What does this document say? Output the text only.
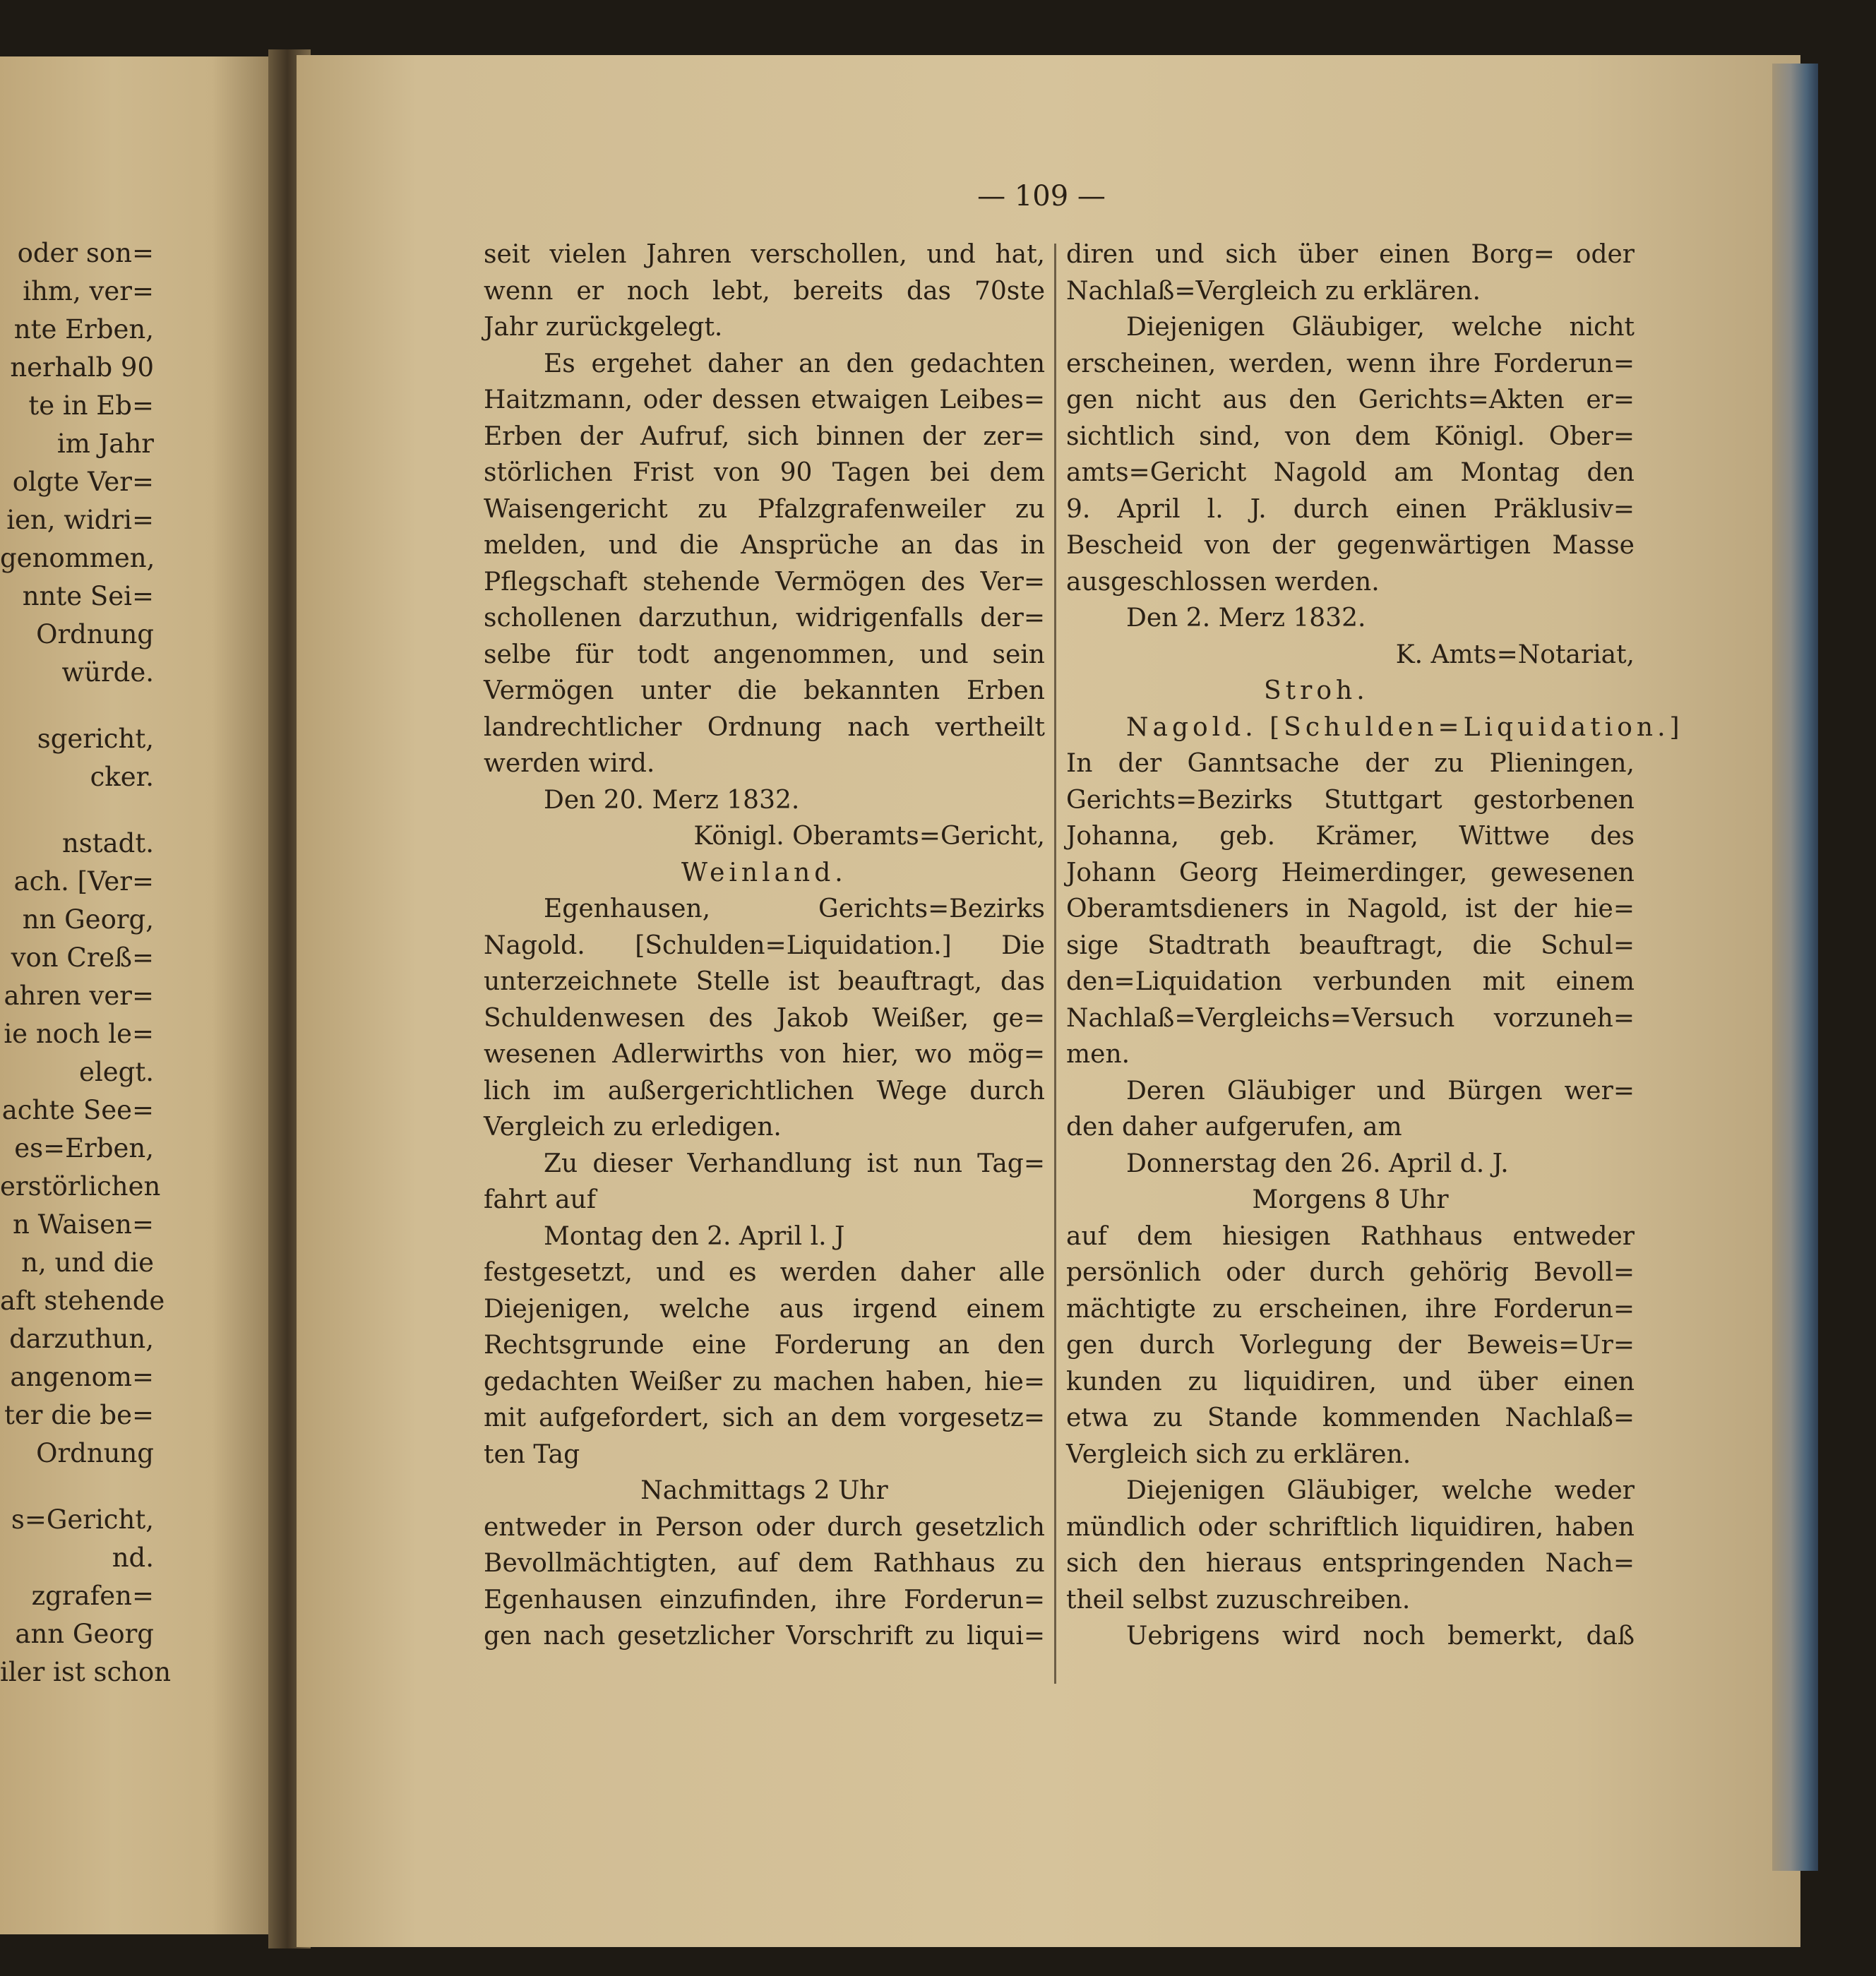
oder son=
ihm, ver=
nte Erben,
nerhalb 90
te in Eb=
im Jahr
olgte Ver=
ien, widri=
genommen,
nnte Sei=
Ordnung
würde.
sgericht,
cker.
nstadt.
ach. [Ver=
nn Georg,
von Creß=
ahren ver=
ie noch le=
elegt.
achte See=
es=Erben,
erstörlichen
n Waisen=
n, und die
aft stehende
darzuthun,
angenom=
ter die be=
Ordnung
s=Gericht,
nd.
zgrafen=
ann Georg
iler ist schon
— 109 —
seit vielen Jahren verschollen, und hat,
wenn er noch lebt, bereits das 70ste
Jahr zurückgelegt.
Es ergehet daher an den gedachten
Haitzmann, oder dessen etwaigen Leibes=
Erben der Aufruf, sich binnen der zer=
störlichen Frist von 90 Tagen bei dem
Waisengericht zu Pfalzgrafenweiler zu
melden, und die Ansprüche an das in
Pflegschaft stehende Vermögen des Ver=
schollenen darzuthun, widrigenfalls der=
selbe für todt angenommen, und sein
Vermögen unter die bekannten Erben
landrechtlicher Ordnung nach vertheilt
werden wird.
Den 20. Merz 1832.
Königl. Oberamts=Gericht,
Weinland.
Egenhausen, Gerichts=Bezirks
Nagold. [Schulden=Liquidation.] Die
unterzeichnete Stelle ist beauftragt, das
Schuldenwesen des Jakob Weißer, ge=
wesenen Adlerwirths von hier, wo mög=
lich im außergerichtlichen Wege durch
Vergleich zu erledigen.
Zu dieser Verhandlung ist nun Tag=
fahrt auf
Montag den 2. April l. J
festgesetzt, und es werden daher alle
Diejenigen, welche aus irgend einem
Rechtsgrunde eine Forderung an den
gedachten Weißer zu machen haben, hie=
mit aufgefordert, sich an dem vorgesetz=
ten Tag
Nachmittags 2 Uhr
entweder in Person oder durch gesetzlich
Bevollmächtigten, auf dem Rathhaus zu
Egenhausen einzufinden, ihre Forderun=
gen nach gesetzlicher Vorschrift zu liqui=
diren und sich über einen Borg= oder
Nachlaß=Vergleich zu erklären.
Diejenigen Gläubiger, welche nicht
erscheinen, werden, wenn ihre Forderun=
gen nicht aus den Gerichts=Akten er=
sichtlich sind, von dem Königl. Ober=
amts=Gericht Nagold am Montag den
9. April l. J. durch einen Präklusiv=
Bescheid von der gegenwärtigen Masse
ausgeschlossen werden.
Den 2. Merz 1832.
K. Amts=Notariat,
Stroh.
Nagold. [Schulden=Liquidation.]
In der Ganntsache der zu Plieningen,
Gerichts=Bezirks Stuttgart gestorbenen
Johanna, geb. Krämer, Wittwe des
Johann Georg Heimerdinger, gewesenen
Oberamtsdieners in Nagold, ist der hie=
sige Stadtrath beauftragt, die Schul=
den=Liquidation verbunden mit einem
Nachlaß=Vergleichs=Versuch vorzuneh=
men.
Deren Gläubiger und Bürgen wer=
den daher aufgerufen, am
Donnerstag den 26. April d. J.
Morgens 8 Uhr
auf dem hiesigen Rathhaus entweder
persönlich oder durch gehörig Bevoll=
mächtigte zu erscheinen, ihre Forderun=
gen durch Vorlegung der Beweis=Ur=
kunden zu liquidiren, und über einen
etwa zu Stande kommenden Nachlaß=
Vergleich sich zu erklären.
Diejenigen Gläubiger, welche weder
mündlich oder schriftlich liquidiren, haben
sich den hieraus entspringenden Nach=
theil selbst zuzuschreiben.
Uebrigens wird noch bemerkt, daß
